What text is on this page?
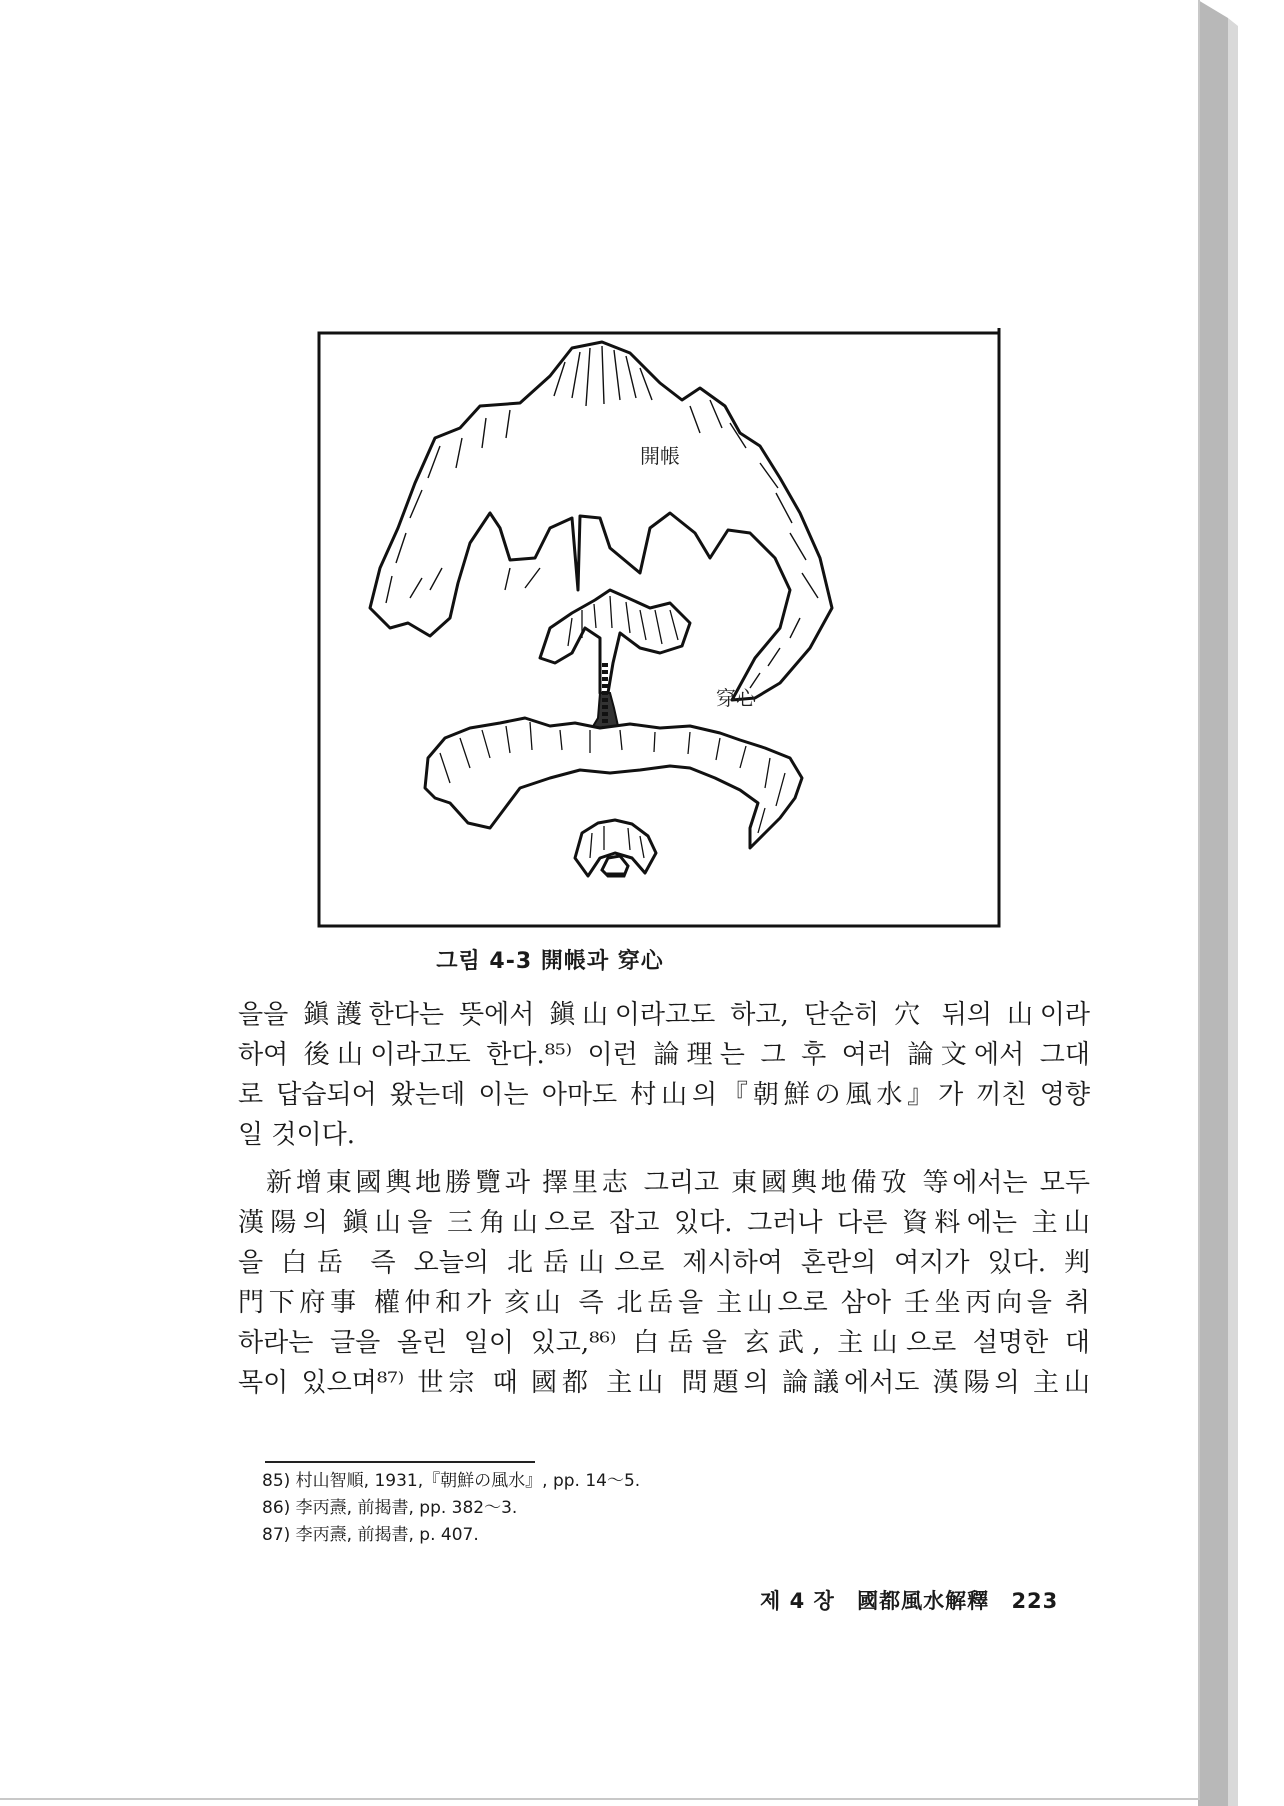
開帳
穿心
그림 4-3 開帳과 穿心

을을 鎭護한다는 뜻에서 鎭山이라고도 하고, 단순히 穴 뒤의 山이라

하여 後山이라고도 한다.⁸⁵⁾ 이런 論理는 그 후 여러 論文에서 그대

로 답습되어 왔는데 이는 아마도 村山의『朝鮮の風水』가 끼친 영향

일 것이다.

新增東國輿地勝覽과 擇里志 그리고 東國輿地備攷 等에서는 모두

漢陽의 鎭山을 三角山으로 잡고 있다. 그러나 다른 資料에는 主山

을 白岳 즉 오늘의 北岳山으로 제시하여 혼란의 여지가 있다. 判

門下府事 權仲和가 亥山 즉 北岳을 主山으로 삼아 壬坐丙向을 취

하라는 글을 올린 일이 있고,⁸⁶⁾ 白岳을 玄武, 主山으로 설명한 대

목이 있으며⁸⁷⁾ 世宗 때 國都 主山 問題의 論議에서도 漢陽의 主山

85) 村山智順, 1931,『朝鮮の風水』, pp. 14～5.
86) 李丙燾, 前揭書, pp. 382～3.
87) 李丙燾, 前揭書, p. 407.
제 4 장 國都風水解釋 223
